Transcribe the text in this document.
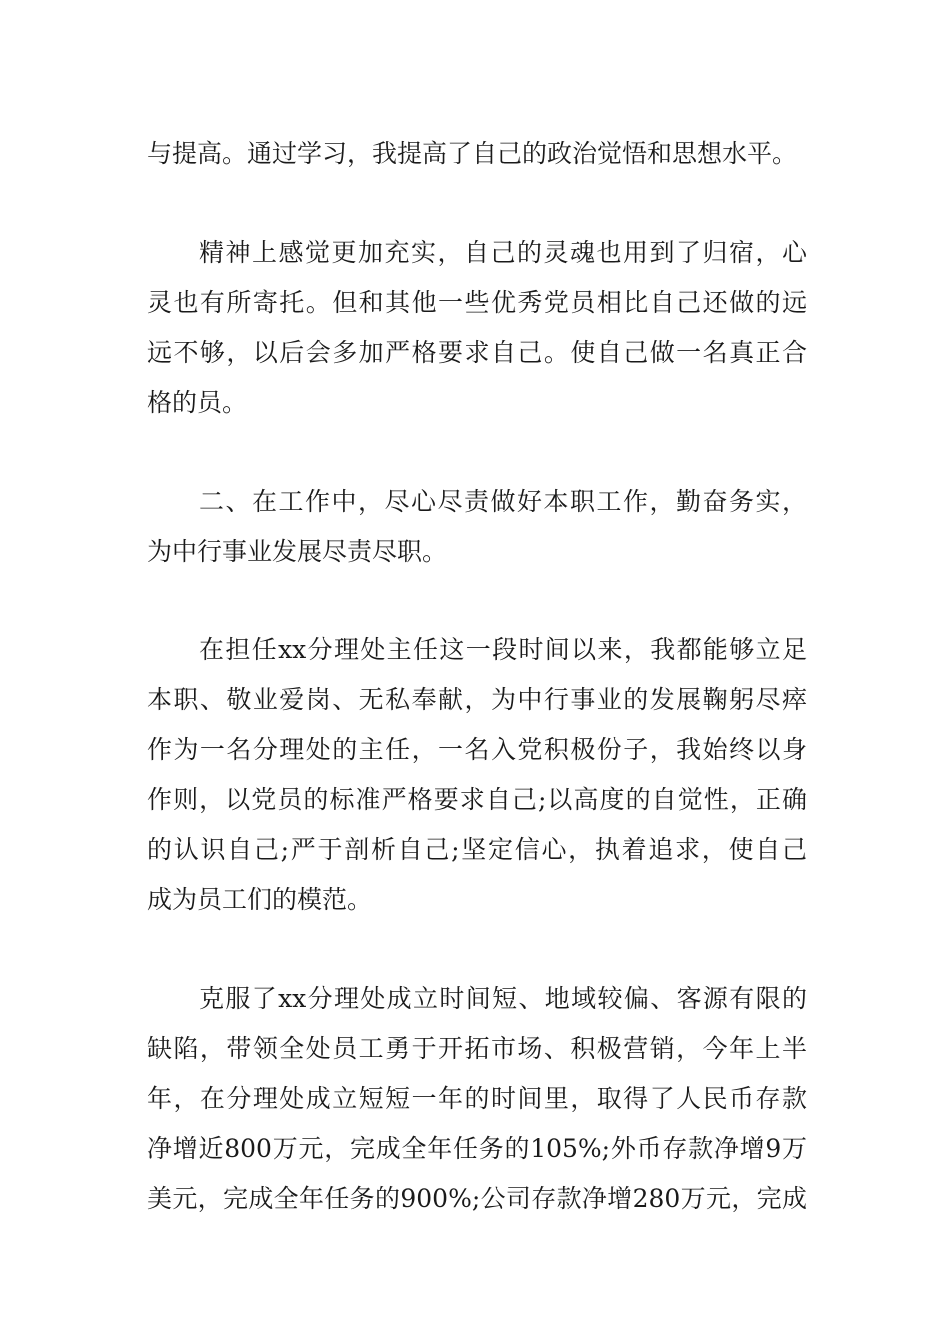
与提高。通过学习，我提高了自己的政治觉悟和思想水平。
精神上感觉更加充实，自己的灵魂也用到了归宿，心
灵也有所寄托。但和其他一些优秀党员相比自己还做的远
远不够，以后会多加严格要求自己。使自己做一名真正合
格的员。
二、在工作中，尽心尽责做好本职工作，勤奋务实，
为中行事业发展尽责尽职。
在担任xx分理处主任这一段时间以来，我都能够立足
本职、敬业爱岗、无私奉献，为中行事业的发展鞠躬尽瘁
作为一名分理处的主任，一名入党积极份子，我始终以身
作则，以党员的标准严格要求自己;以高度的自觉性，正确
的认识自己;严于剖析自己;坚定信心，执着追求，使自己
成为员工们的模范。
克服了xx分理处成立时间短、地域较偏、客源有限的
缺陷，带领全处员工勇于开拓市场、积极营销，今年上半
年，在分理处成立短短一年的时间里，取得了人民币存款
净增近800万元，完成全年任务的105%;外币存款净增9万
美元，完成全年任务的900%;公司存款净增280万元，完成
